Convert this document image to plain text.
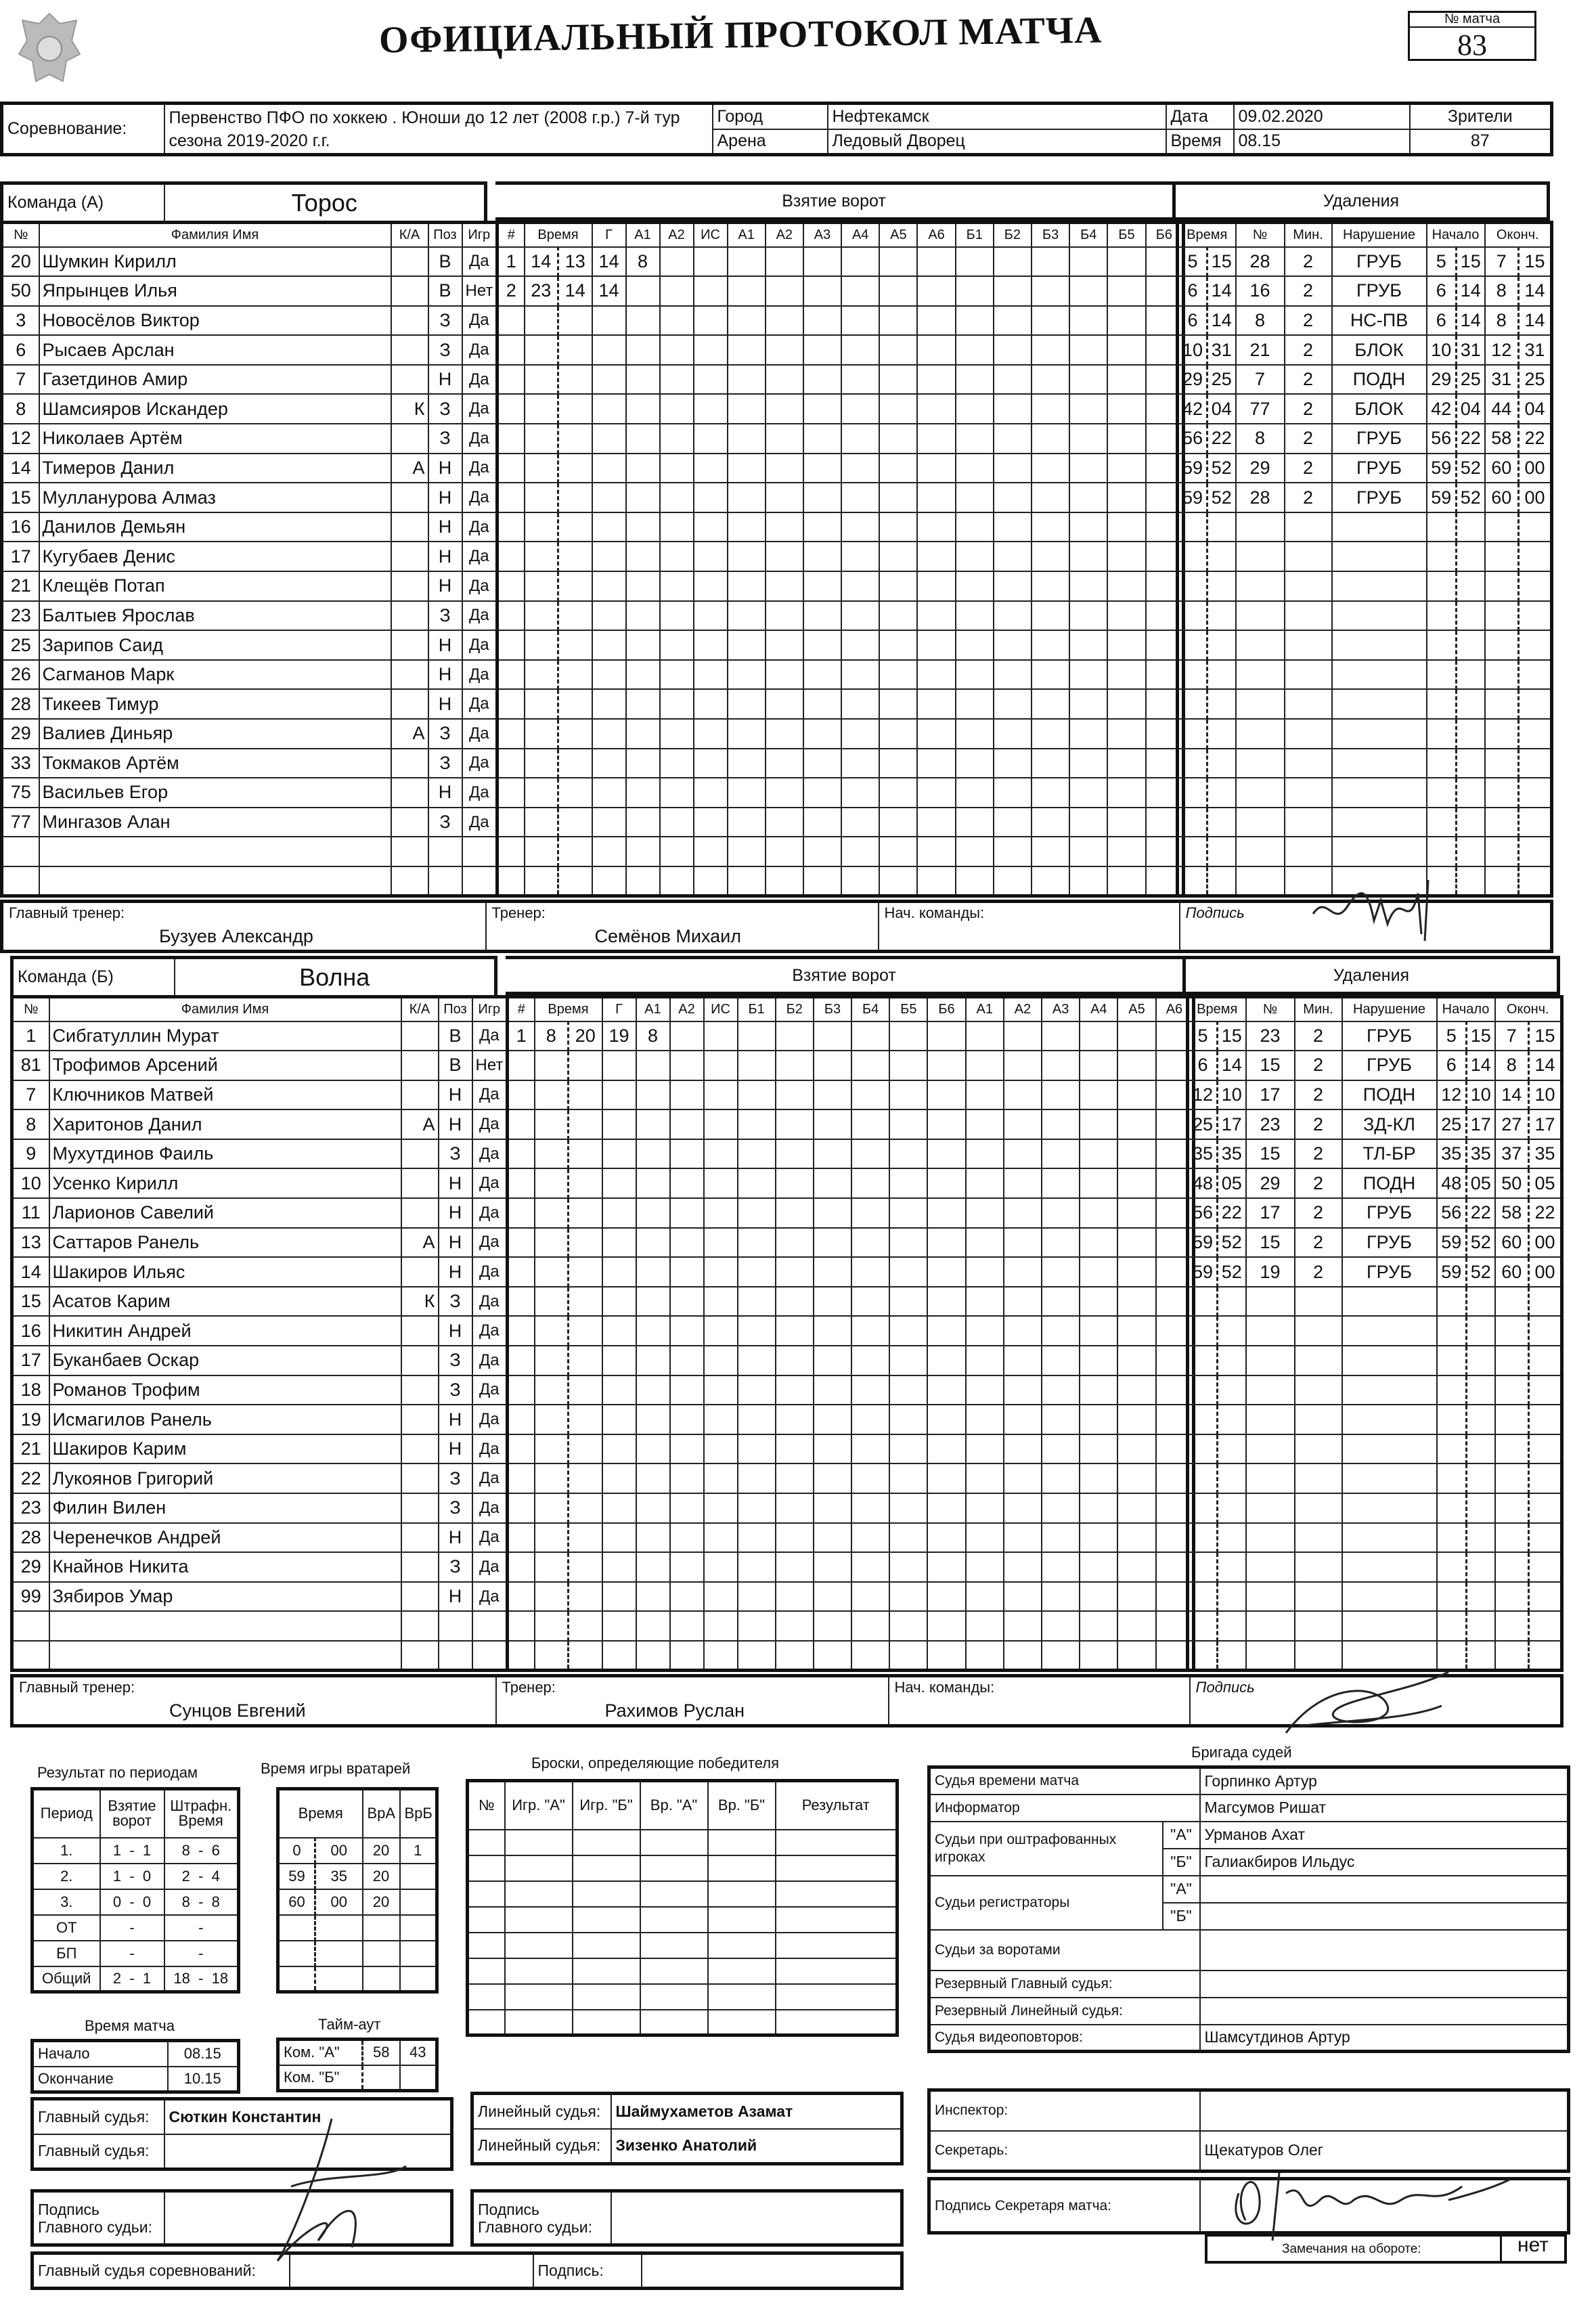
ОФИЦИАЛЬНЫЙ ПРОТОКОЛ МАТЧА	№ матча
83
Соревнование:	Первенство ПФО по хоккею . Юноши до 12 лет (2008 г.р.) 7-й тур сезона 2019-2020 г.г.	Город	Нефтекамск	Дата	09.02.2020	Зрители
		Арена	Ледовый Дворец	Время	08.15	87
Команда (А)	Торос
№	Фамилия Имя	К/А	Поз	Игр
20	Шумкин Кирилл		В	Да
50	Япрынцев Илья		В	Нет
3	Новосёлов Виктор		З	Да
6	Рысаев Арслан		З	Да
7	Газетдинов Амир		Н	Да
8	Шамсияров Искандер	К	З	Да
12	Николаев Артём		З	Да
14	Тимеров Данил	А	Н	Да
15	Мулланурова Алмаз		Н	Да
16	Данилов Демьян		Н	Да
17	Кугубаев Денис		Н	Да
21	Клещёв Потап		Н	Да
23	Балтыев Ярослав		З	Да
25	Зарипов Саид		Н	Да
26	Сагманов Марк		Н	Да
28	Тикеев Тимур		Н	Да
29	Валиев Диньяр	А	З	Да
33	Токмаков Артём		З	Да
75	Васильев Егор		Н	Да
77	Мингазов Алан		З	Да

Взятие ворот
#	Время		Г	А1	А2	ИС	А1	А2	А3	А4	А5	А6	Б1	Б2	Б3	Б4	Б5	Б6
1	14	13	14	8														
2	23	14	14															

Удаления
Время		№	Мин.	Нарушение	Начало		Оконч.	
5	15	28	2	ГРУБ	5	15	7	15
6	14	16	2	ГРУБ	6	14	8	14
6	14	8	2	НС-ПВ	6	14	8	14
10	31	21	2	БЛОК	10	31	12	31
29	25	7	2	ПОДН	29	25	31	25
42	04	77	2	БЛОК	42	04	44	04
56	22	8	2	ГРУБ	56	22	58	22
59	52	29	2	ГРУБ	59	52	60	00
59	52	28	2	ГРУБ	59	52	60	00

Главный тренер:
Бузуев Александр

Тренер:
Семёнов Михаил

Нач. команды:	Подпись
Команда (Б)	Волна
№	Фамилия Имя	К/А	Поз	Игр
1	Сибгатуллин Мурат		В	Да
81	Трофимов Арсений		В	Нет
7	Ключников Матвей		Н	Да
8	Харитонов Данил	А	Н	Да
9	Мухутдинов Фаиль		З	Да
10	Усенко Кирилл		Н	Да
11	Ларионов Савелий		Н	Да
13	Саттаров Ранель	А	Н	Да
14	Шакиров Ильяс		Н	Да
15	Асатов Карим	К	З	Да
16	Никитин Андрей		Н	Да
17	Буканбаев Оскар		З	Да
18	Романов Трофим		З	Да
19	Исмагилов Ранель		Н	Да
21	Шакиров Карим		Н	Да
22	Лукоянов Григорий		З	Да
23	Филин Вилен		З	Да
28	Черенечков Андрей		Н	Да
29	Кнайнов Никита		З	Да
99	Зябиров Умар		Н	Да

Взятие ворот
#	Время		Г	А1	А2	ИС	Б1	Б2	Б3	Б4	Б5	Б6	А1	А2	А3	А4	А5	А6
1	8	20	19	8														

Удаления
Время		№	Мин.	Нарушение	Начало		Оконч.	
5	15	23	2	ГРУБ	5	15	7	15
6	14	15	2	ГРУБ	6	14	8	14
12	10	17	2	ПОДН	12	10	14	10
25	17	23	2	ЗД-КЛ	25	17	27	17
35	35	15	2	ТЛ-БР	35	35	37	35
48	05	29	2	ПОДН	48	05	50	05
56	22	17	2	ГРУБ	56	22	58	22
59	52	15	2	ГРУБ	59	52	60	00
59	52	19	2	ГРУБ	59	52	60	00

Главный тренер:
Сунцов Евгений

Тренер:
Рахимов Руслан

Нач. команды:	Подпись
Результат по периодам
Период	Взятие ворот	Штрафн. Время
1.	1  -  1	8  -  6
2.	1  -  0	2  -  4
3.	0  -  0	8  -  8
ОТ	-	-
БП	-	-
Общий	2  -  1	18  -  18
Время игры вратарей
Время		ВрА	ВрБ
0	00	20	1
59	35	20	
60	00	20	

Броски, определяющие победителя
№	Игр. "А"	Игр. "Б"	Вр. "А"	Вр. "Б"	Результат

Время матча
Начало	08.15
Окончание	10.15
Тайм-аут
Ком. "А"	58	43
Ком. "Б"		
Бригада судей
Судья времени матча		Горпинко Артур
Информатор		Магсумов Ришат
Судьи при оштрафованных игроках	"А"	Урманов Ахат
	"Б"	Галиакбиров Ильдус
Судьи регистраторы	"А"	
	"Б"	
Судьи за воротами		
Резервный Главный судья:		
Резервный Линейный судья:		
Судья видеоповторов:		Шамсутдинов Артур
Инспектор:	
Секретарь:	Щекатуров Олег
Подпись Секретаря матча:	
Замечания на обороте:	нет
Главный судья:	Сюткин Константин
Главный судья:	
Линейный судья:	Шаймухаметов Азамат
Линейный судья:	Зизенко Анатолий
Подпись Главного судьи:	
Подпись Главного судьи:	
Главный судья соревнований:		Подпись:	
